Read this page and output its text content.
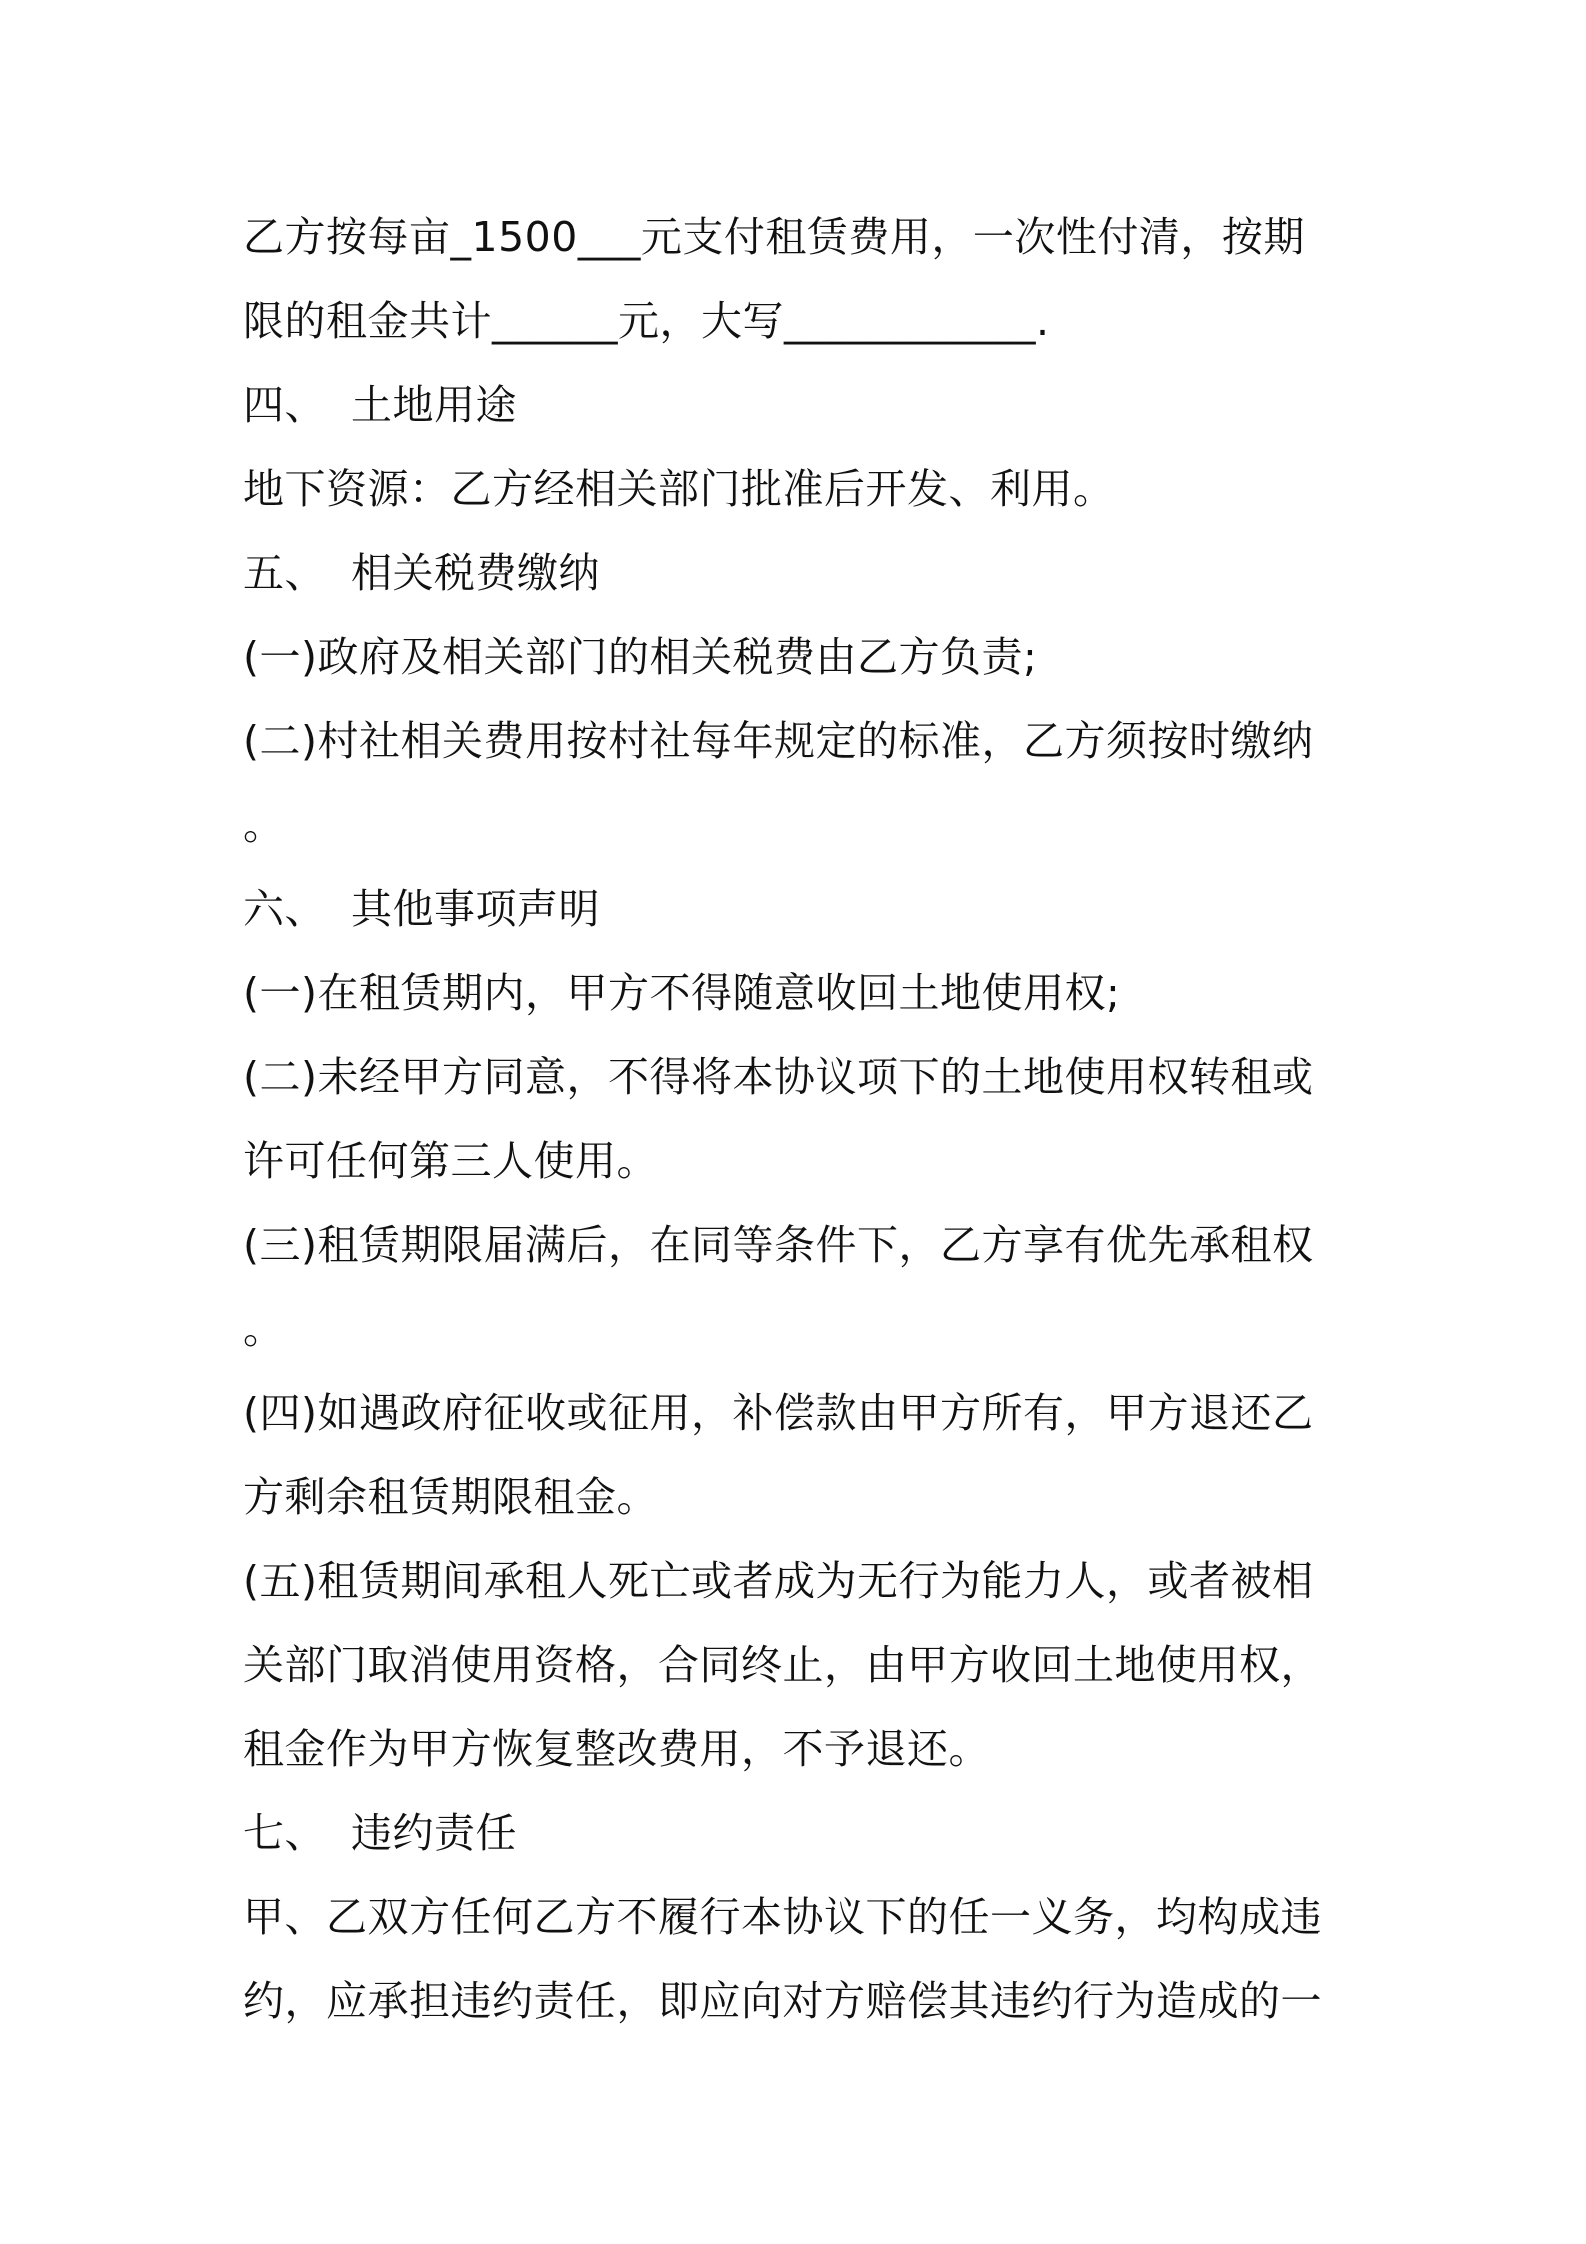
乙方按每亩_1500___元支付租赁费用，一次性付清，按期
限的租金共计______元，大写____________.
四、 土地用途
地下资源：乙方经相关部门批准后开发、利用。
五、 相关税费缴纳
(一)政府及相关部门的相关税费由乙方负责;
(二)村社相关费用按村社每年规定的标准，乙方须按时缴纳
。
六、 其他事项声明
(一)在租赁期内，甲方不得随意收回土地使用权;
(二)未经甲方同意，不得将本协议项下的土地使用权转租或
许可任何第三人使用。
(三)租赁期限届满后，在同等条件下，乙方享有优先承租权
。
(四)如遇政府征收或征用，补偿款由甲方所有，甲方退还乙
方剩余租赁期限租金。
(五)租赁期间承租人死亡或者成为无行为能力人，或者被相
关部门取消使用资格，合同终止，由甲方收回土地使用权，
租金作为甲方恢复整改费用，不予退还。
七、 违约责任
甲、乙双方任何乙方不履行本协议下的任一义务，均构成违
约，应承担违约责任，即应向对方赔偿其违约行为造成的一
